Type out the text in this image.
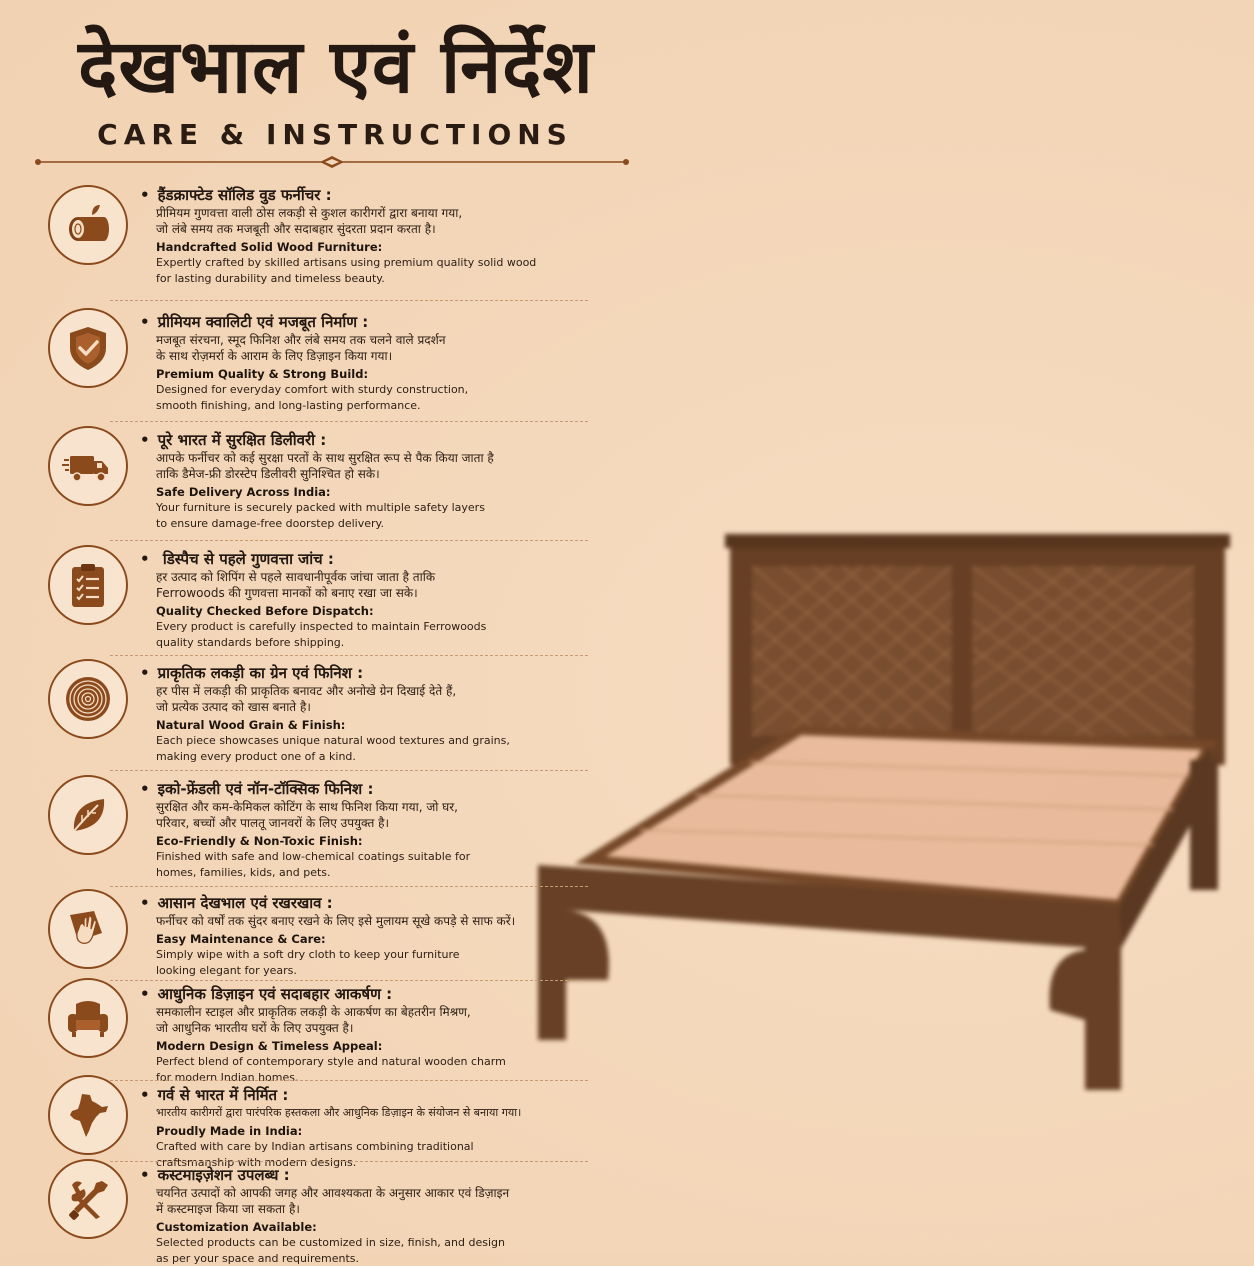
देखभाल एवं निर्देश
CARE & INSTRUCTIONS
• हैंडक्राफ्टेड सॉलिड वुड फर्नीचर :
प्रीमियम गुणवत्ता वाली ठोस लकड़ी से कुशल कारीगरों द्वारा बनाया गया,
जो लंबे समय तक मजबूती और सदाबहार सुंदरता प्रदान करता है।
Handcrafted Solid Wood Furniture:
Expertly crafted by skilled artisans using premium quality solid wood
for lasting durability and timeless beauty.
• प्रीमियम क्वालिटी एवं मजबूत निर्माण :
मजबूत संरचना, स्मूद फिनिश और लंबे समय तक चलने वाले प्रदर्शन
के साथ रोज़मर्रा के आराम के लिए डिज़ाइन किया गया।
Premium Quality & Strong Build:
Designed for everyday comfort with sturdy construction,
smooth finishing, and long-lasting performance.
• पूरे भारत में सुरक्षित डिलीवरी :
आपके फर्नीचर को कई सुरक्षा परतों के साथ सुरक्षित रूप से पैक किया जाता है
ताकि डैमेज-फ्री डोरस्टेप डिलीवरी सुनिश्चित हो सके।
Safe Delivery Across India:
Your furniture is securely packed with multiple safety layers
to ensure damage-free doorstep delivery.
• डिस्पैच से पहले गुणवत्ता जांच :
हर उत्पाद को शिपिंग से पहले सावधानीपूर्वक जांचा जाता है ताकि
Ferrowoods की गुणवत्ता मानकों को बनाए रखा जा सके।
Quality Checked Before Dispatch:
Every product is carefully inspected to maintain Ferrowoods
quality standards before shipping.
• प्राकृतिक लकड़ी का ग्रेन एवं फिनिश :
हर पीस में लकड़ी की प्राकृतिक बनावट और अनोखे ग्रेन दिखाई देते हैं,
जो प्रत्येक उत्पाद को खास बनाते है।
Natural Wood Grain & Finish:
Each piece showcases unique natural wood textures and grains,
making every product one of a kind.
• इको-फ्रेंडली एवं नॉन-टॉक्सिक फिनिश :
सुरक्षित और कम-केमिकल कोटिंग के साथ फिनिश किया गया, जो घर,
परिवार, बच्चों और पालतू जानवरों के लिए उपयुक्त है।
Eco-Friendly & Non-Toxic Finish:
Finished with safe and low-chemical coatings suitable for
homes, families, kids, and pets.
• आसान देखभाल एवं रखरखाव :
फर्नीचर को वर्षों तक सुंदर बनाए रखने के लिए इसे मुलायम सूखे कपड़े से साफ करें।
Easy Maintenance & Care:
Simply wipe with a soft dry cloth to keep your furniture
looking elegant for years.
• आधुनिक डिज़ाइन एवं सदाबहार आकर्षण :
समकालीन स्टाइल और प्राकृतिक लकड़ी के आकर्षण का बेहतरीन मिश्रण,
जो आधुनिक भारतीय घरों के लिए उपयुक्त है।
Modern Design & Timeless Appeal:
Perfect blend of contemporary style and natural wooden charm
for modern Indian homes.
• गर्व से भारत में निर्मित :
भारतीय कारीगरों द्वारा पारंपरिक हस्तकला और आधुनिक डिज़ाइन के संयोजन से बनाया गया।
Proudly Made in India:
Crafted with care by Indian artisans combining traditional
craftsmanship with modern designs.
• कस्टमाइज़ेशन उपलब्ध :
चयनित उत्पादों को आपकी जगह और आवश्यकता के अनुसार आकार एवं डिज़ाइन
में कस्टमाइज किया जा सकता है।
Customization Available:
Selected products can be customized in size, finish, and design
as per your space and requirements.
